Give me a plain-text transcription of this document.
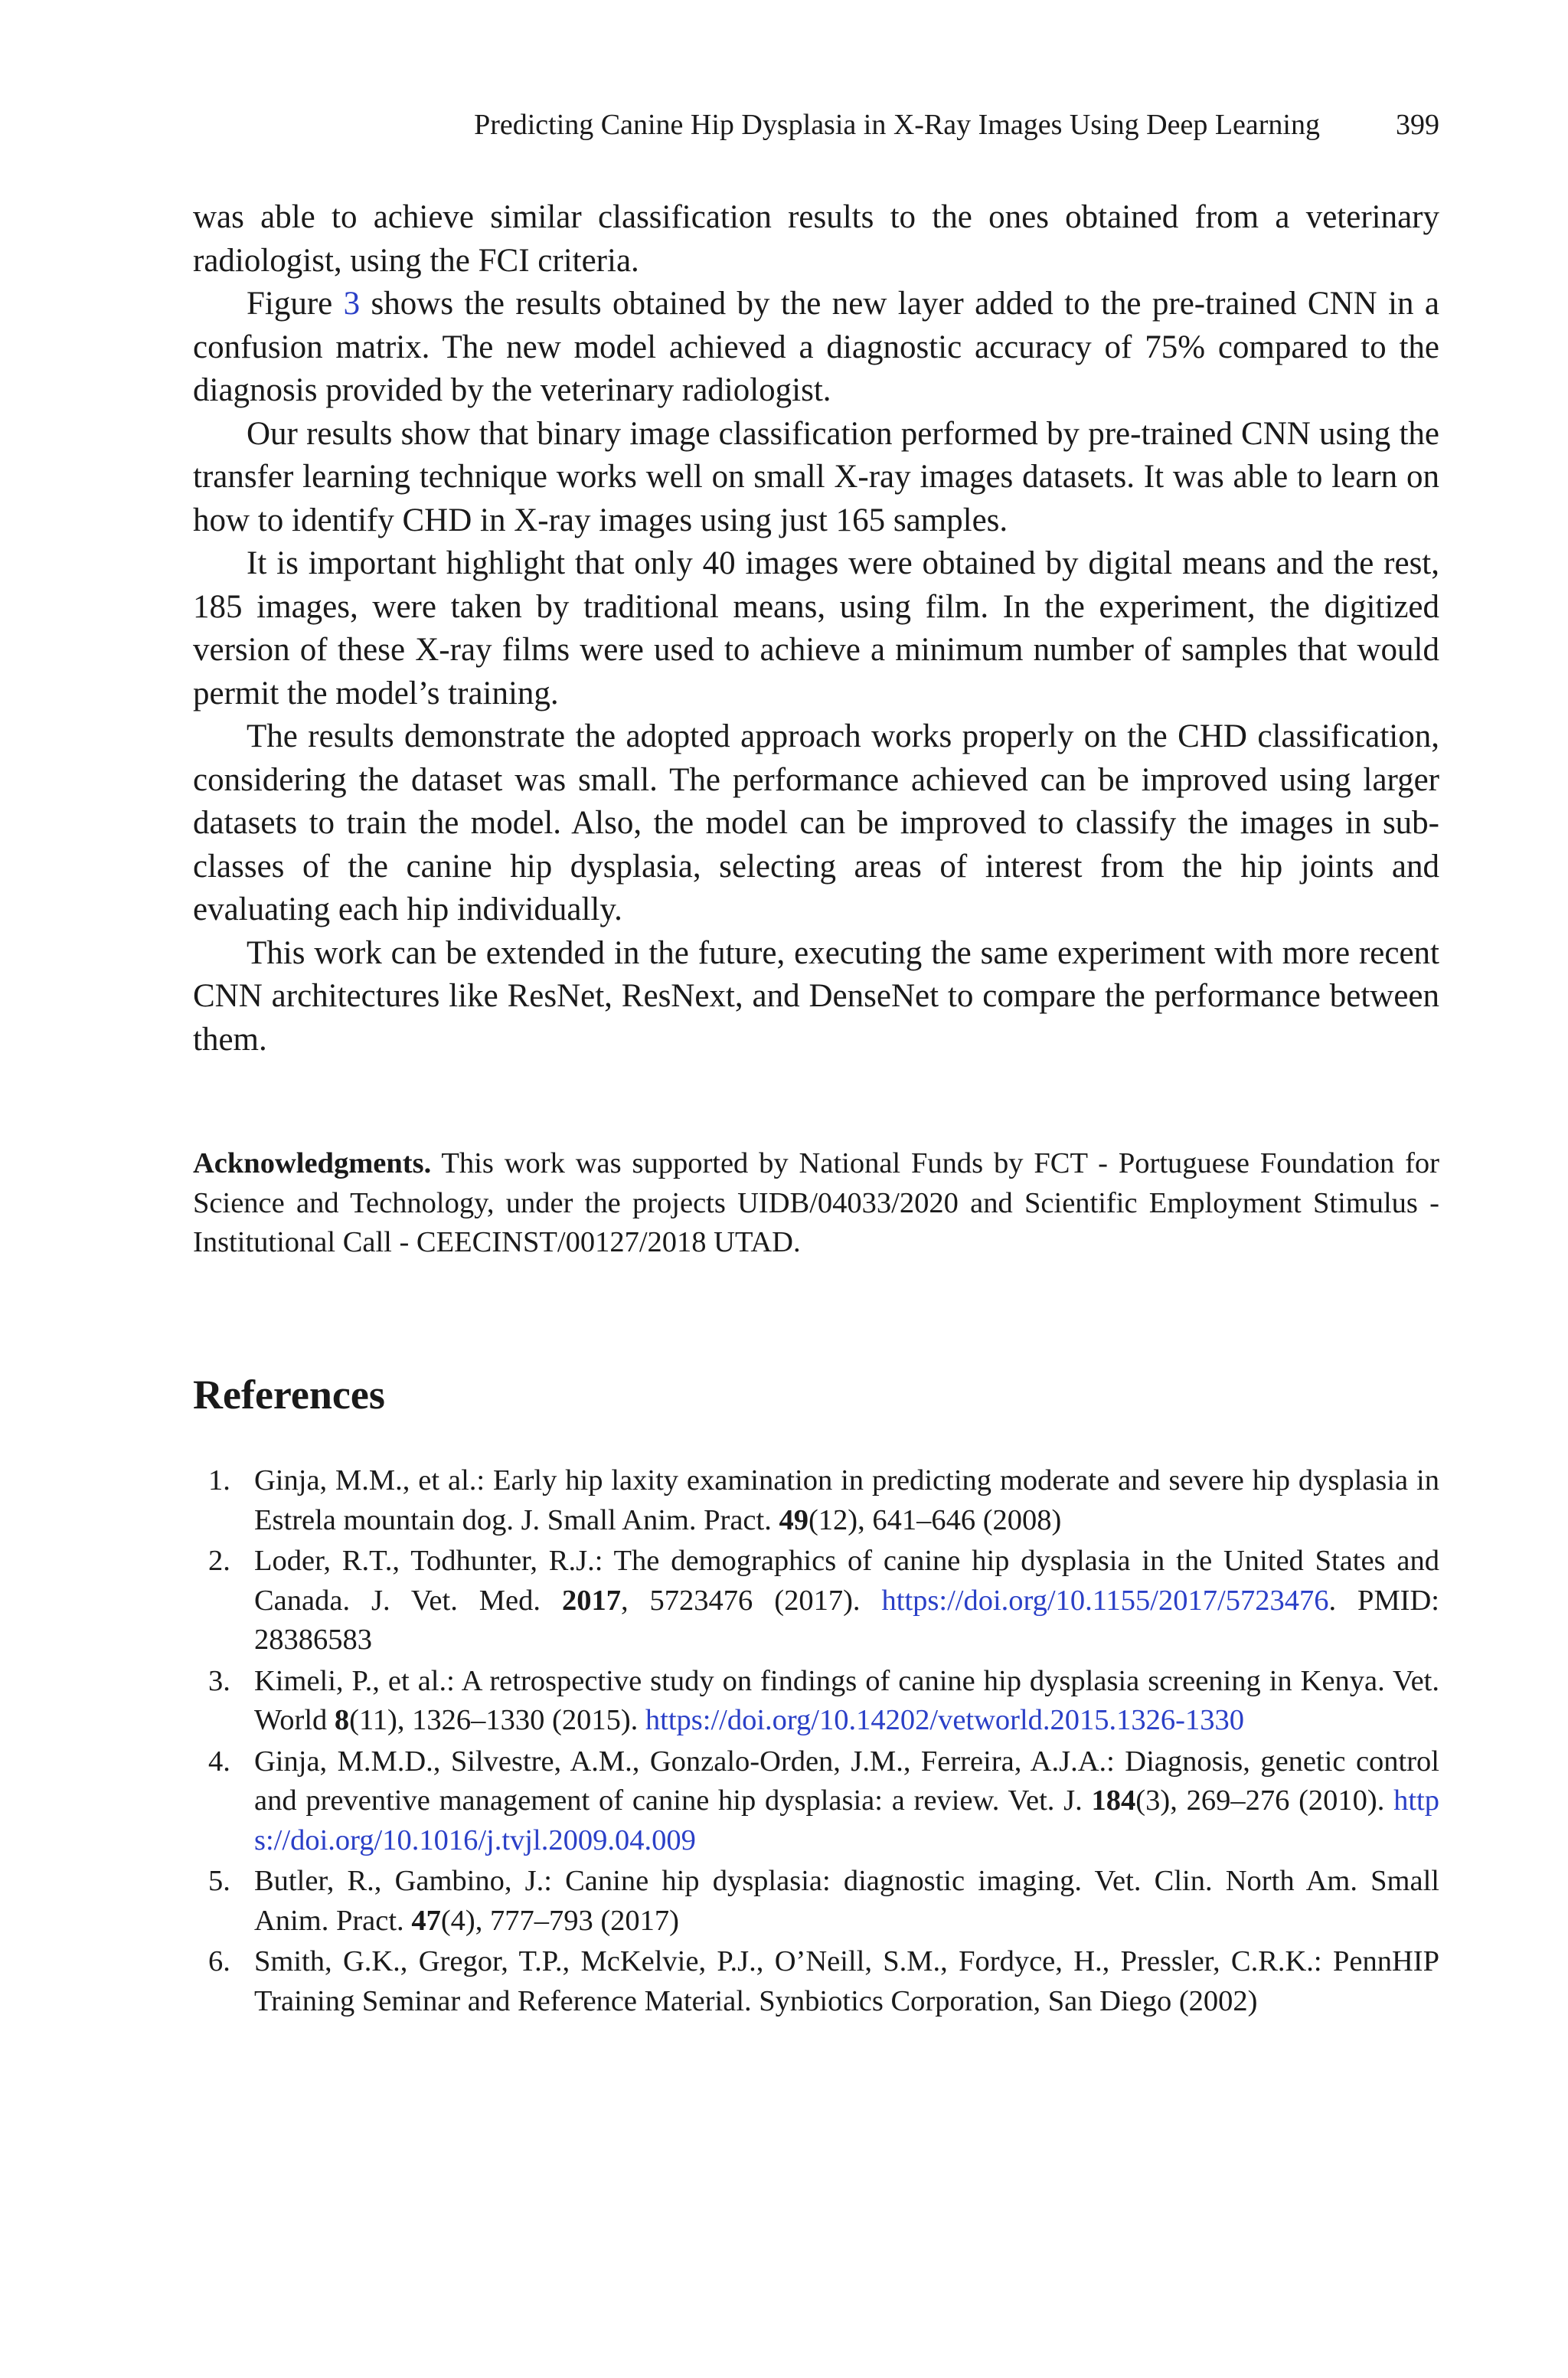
Predicting Canine Hip Dysplasia in X-Ray Images Using Deep Learning	399

was able to achieve similar classification results to the ones obtained from a veterinary radiologist, using the FCI criteria.

Figure 3 shows the results obtained by the new layer added to the pre-trained CNN in a confusion matrix. The new model achieved a diagnostic accuracy of 75% compared to the diagnosis provided by the veterinary radiologist.

Our results show that binary image classification performed by pre-trained CNN using the transfer learning technique works well on small X-ray images datasets. It was able to learn on how to identify CHD in X-ray images using just 165 samples.

It is important highlight that only 40 images were obtained by digital means and the rest, 185 images, were taken by traditional means, using film. In the experiment, the digitized version of these X-ray films were used to achieve a minimum number of samples that would permit the model’s training.

The results demonstrate the adopted approach works properly on the CHD classification, considering the dataset was small. The performance achieved can be improved using larger datasets to train the model. Also, the model can be improved to classify the images in sub-classes of the canine hip dysplasia, selecting areas of interest from the hip joints and evaluating each hip individually.

This work can be extended in the future, executing the same experiment with more recent CNN architectures like ResNet, ResNext, and DenseNet to compare the performance between them.

Acknowledgments. This work was supported by National Funds by FCT - Portuguese Foundation for Science and Technology, under the projects UIDB/04033/2020 and Scientific Employment Stimulus - Institutional Call - CEECINST/00127/2018 UTAD.

References
1. Ginja, M.M., et al.: Early hip laxity examination in predicting moderate and severe hip dysplasia in Estrela mountain dog. J. Small Anim. Pract. 49(12), 641–646 (2008)
2. Loder, R.T., Todhunter, R.J.: The demographics of canine hip dysplasia in the United States and Canada. J. Vet. Med. 2017, 5723476 (2017). https://doi.org/10.1155/2017/5723476. PMID: 28386583
3. Kimeli, P., et al.: A retrospective study on findings of canine hip dysplasia screening in Kenya. Vet. World 8(11), 1326–1330 (2015). https://doi.org/10.14202/vetworld.2015.1326-1330
4. Ginja, M.M.D., Silvestre, A.M., Gonzalo-Orden, J.M., Ferreira, A.J.A.: Diagnosis, genetic control and preventive management of canine hip dysplasia: a review. Vet. J. 184(3), 269–276 (2010). https://doi.org/10.1016/j.tvjl.2009.04.009
5. Butler, R., Gambino, J.: Canine hip dysplasia: diagnostic imaging. Vet. Clin. North Am. Small Anim. Pract. 47(4), 777–793 (2017)
6. Smith, G.K., Gregor, T.P., McKelvie, P.J., O’Neill, S.M., Fordyce, H., Pressler, C.R.K.: PennHIP Training Seminar and Reference Material. Synbiotics Corporation, San Diego (2002)
